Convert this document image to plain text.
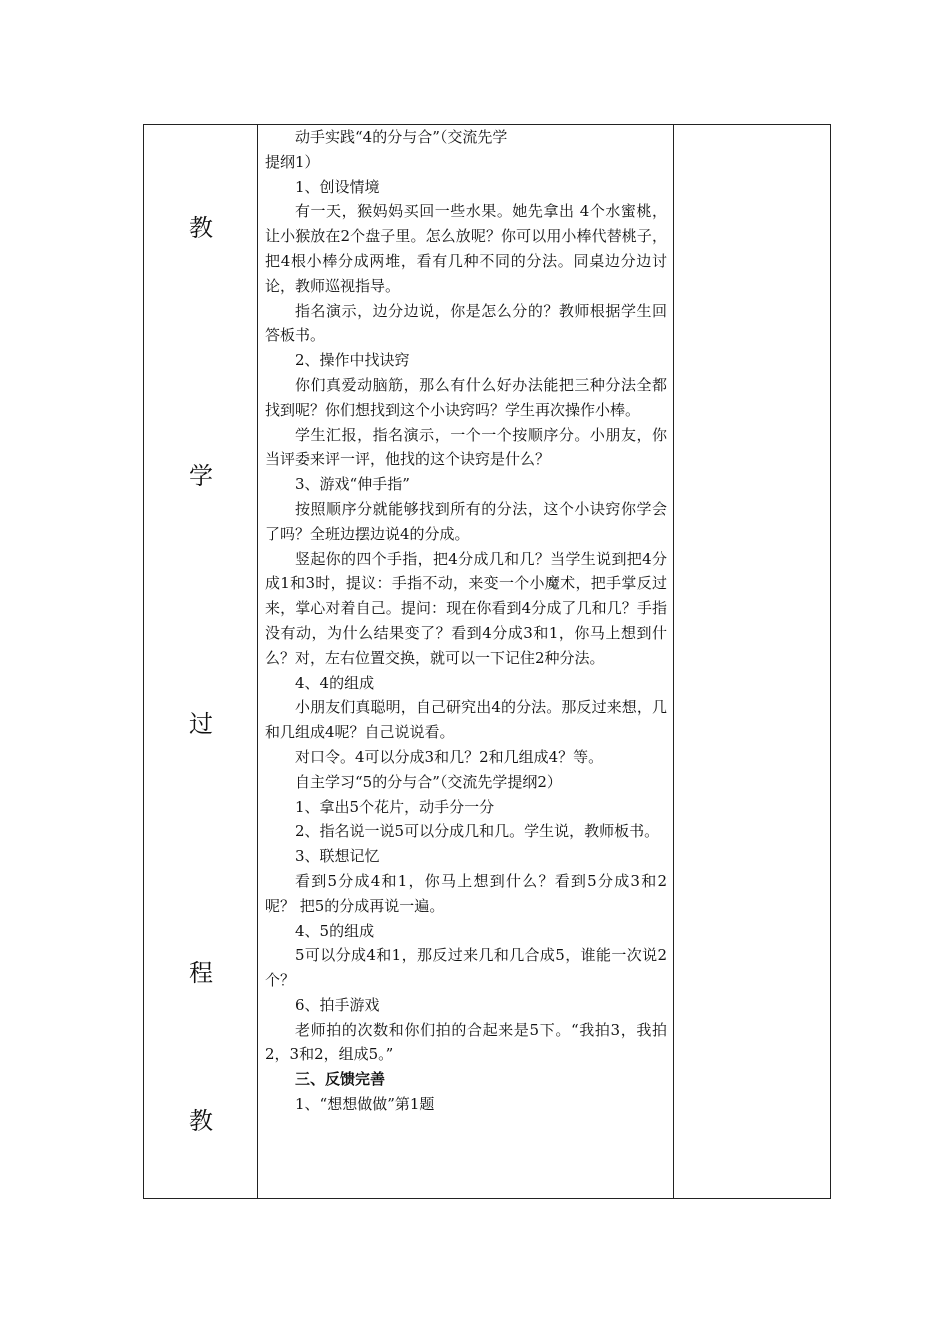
教
学
过
程
教

动手实践“4的分与合”（交流先学

提纲1）

1、创设情境

有一天，猴妈妈买回一些水果。她先拿出 4个水蜜桃，让小猴放在2个盘子里。怎么放呢？你可以用小棒代替桃子，把4根小棒分成两堆，看有几种不同的分法。同桌边分边讨论，教师巡视指导。

指名演示，边分边说，你是怎么分的？教师根据学生回答板书。

2、操作中找诀窍

你们真爱动脑筋，那么有什么好办法能把三种分法全都找到呢？你们想找到这个小诀窍吗？学生再次操作小棒。

学生汇报，指名演示，一个一个按顺序分。小朋友，你当评委来评一评，他找的这个诀窍是什么？

3、游戏“伸手指”

按照顺序分就能够找到所有的分法，这个小诀窍你学会了吗？全班边摆边说4的分成。

竖起你的四个手指，把4分成几和几？当学生说到把4分成1和3时，提议：手指不动，来变一个小魔术，把手掌反过来，掌心对着自己。提问：现在你看到4分成了几和几？手指没有动，为什么结果变了？看到4分成3和1，你马上想到什么？对，左右位置交换，就可以一下记住2种分法。

4、4的组成

小朋友们真聪明，自己研究出4的分法。那反过来想，几和几组成4呢？自己说说看。

对口令。4可以分成3和几？2和几组成4？等。

自主学习“5的分与合”（交流先学提纲2）

1、拿出5个花片，动手分一分

2、指名说一说5可以分成几和几。学生说，教师板书。

3、联想记忆

看到5分成4和1，你马上想到什么？看到5分成3和2呢？ 把5的分成再说一遍。

4、5的组成

5可以分成4和1，那反过来几和几合成5，谁能一次说2个？

6、拍手游戏

老师拍的次数和你们拍的合起来是5下。“我拍3，我拍2，3和2，组成5。”

三、反馈完善

1、“想想做做”第1题
